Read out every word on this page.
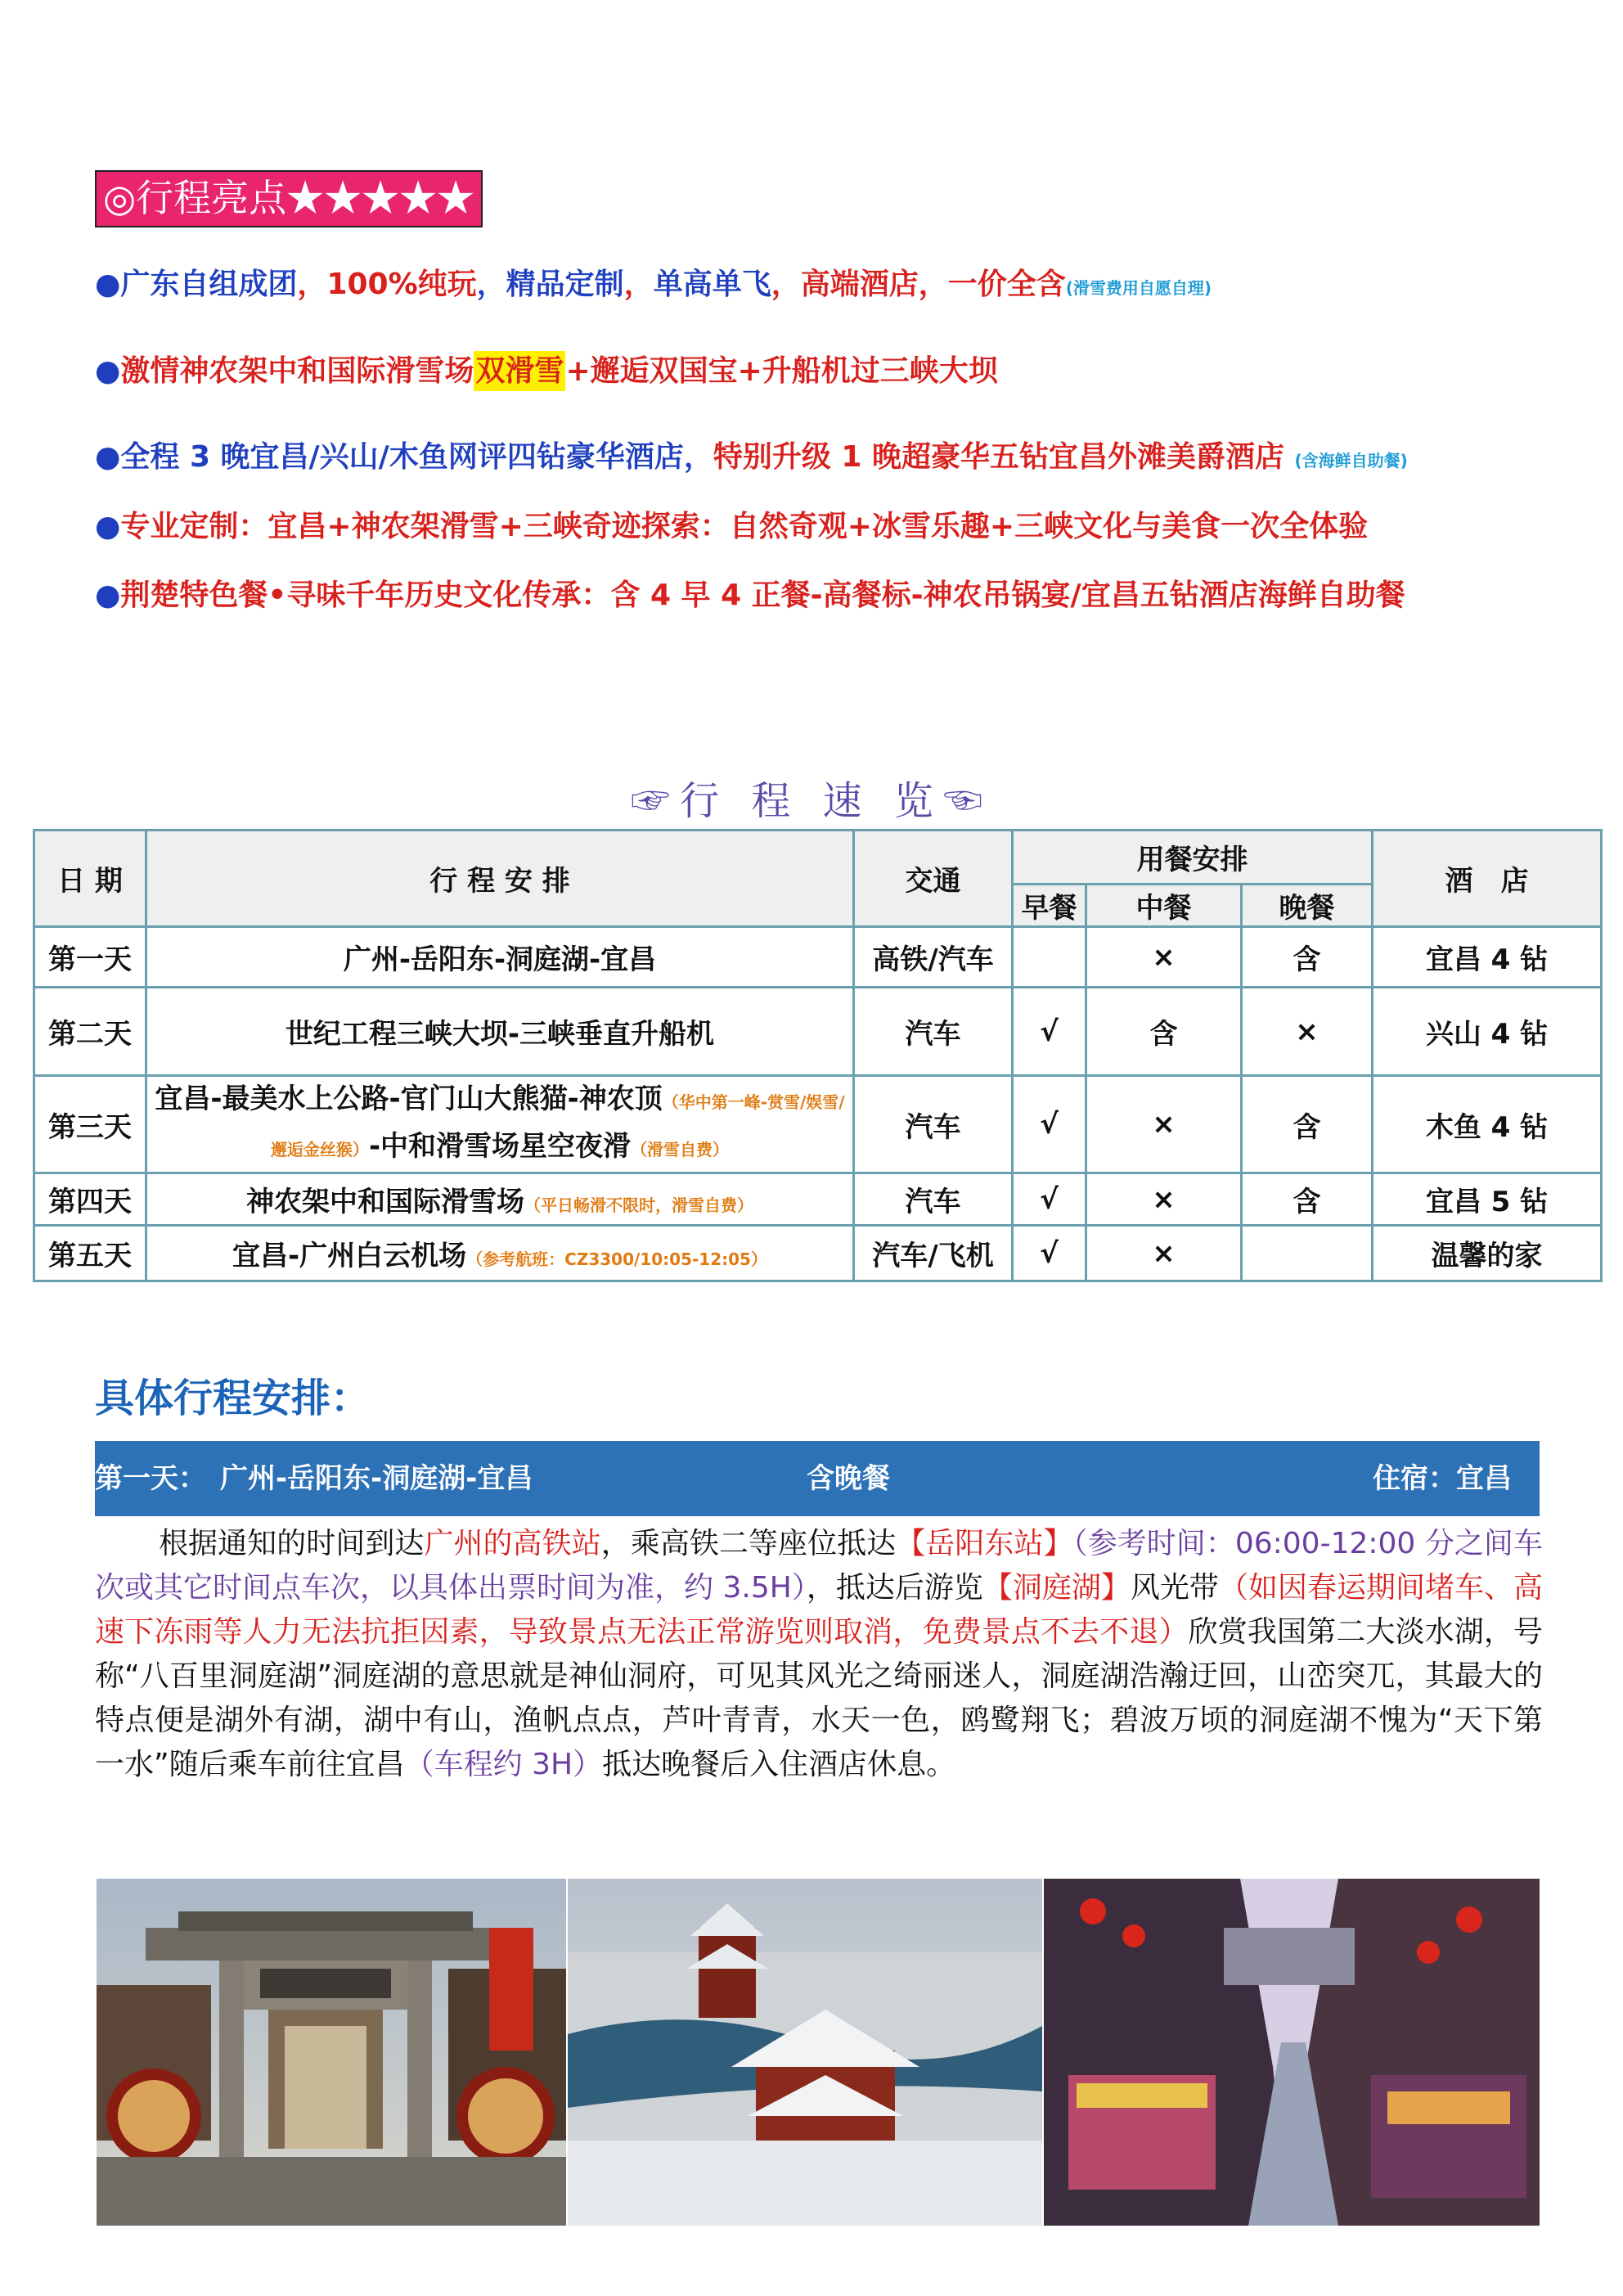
◎行程亮点★★★★★
●广东自组成团，100%纯玩，精品定制，单高单飞，高端酒店，一价全含(滑雪费用自愿自理)
●激情神农架中和国际滑雪场双滑雪+邂逅双国宝+升船机过三峡大坝
●全程 3 晚宜昌/兴山/木鱼网评四钻豪华酒店，特别升级 1 晚超豪华五钻宜昌外滩美爵酒店 (含海鲜自助餐)
●专业定制：宜昌+神农架滑雪+三峡奇迹探索：自然奇观+冰雪乐趣+三峡文化与美食一次全体验
●荆楚特色餐•寻味千年历史文化传承：含 4 早 4 正餐-高餐标-神农吊锅宴/宜昌五钻酒店海鲜自助餐
☞行 程 速 览☜
日 期	行 程 安 排	交通	用餐安排			酒　店
			早餐	中餐	晚餐	
第一天	广州-岳阳东-洞庭湖-宜昌	高铁/汽车		×	含	宜昌 4 钻
第二天	世纪工程三峡大坝-三峡垂直升船机	汽车	√	含	×	兴山 4 钻
第三天	宜昌-最美水上公路-官门山大熊猫-神农顶（华中第一峰-赏雪/娱雪/邂逅金丝猴）-中和滑雪场星空夜滑（滑雪自费）	汽车	√	×	含	木鱼 4 钻
第四天	神农架中和国际滑雪场（平日畅滑不限时，滑雪自费）	汽车	√	×	含	宜昌 5 钻
第五天	宜昌-广州白云机场（参考航班：CZ3300/10:05-12:05）	汽车/飞机	√	×		温馨的家
具体行程安排：
第一天：　广州-岳阳东-洞庭湖-宜昌	含晚餐	住宿：宜昌

根据通知的时间到达广州的高铁站，乘高铁二等座位抵达【岳阳东站】（参考时间：06:00-12:00 分之间车次或其它时间点车次，以具体出票时间为准，约 3.5H），抵达后游览【洞庭湖】风光带（如因春运期间堵车、高速下冻雨等人力无法抗拒因素，导致景点无法正常游览则取消，免费景点不去不退）欣赏我国第二大淡水湖，号称“八百里洞庭湖”洞庭湖的意思就是神仙洞府，可见其风光之绮丽迷人，洞庭湖浩瀚迂回，山峦突兀，其最大的特点便是湖外有湖，湖中有山，渔帆点点，芦叶青青，水天一色，鸥鹭翔飞；碧波万顷的洞庭湖不愧为“天下第一水”随后乘车前往宜昌（车程约 3H）抵达晚餐后入住酒店休息。
